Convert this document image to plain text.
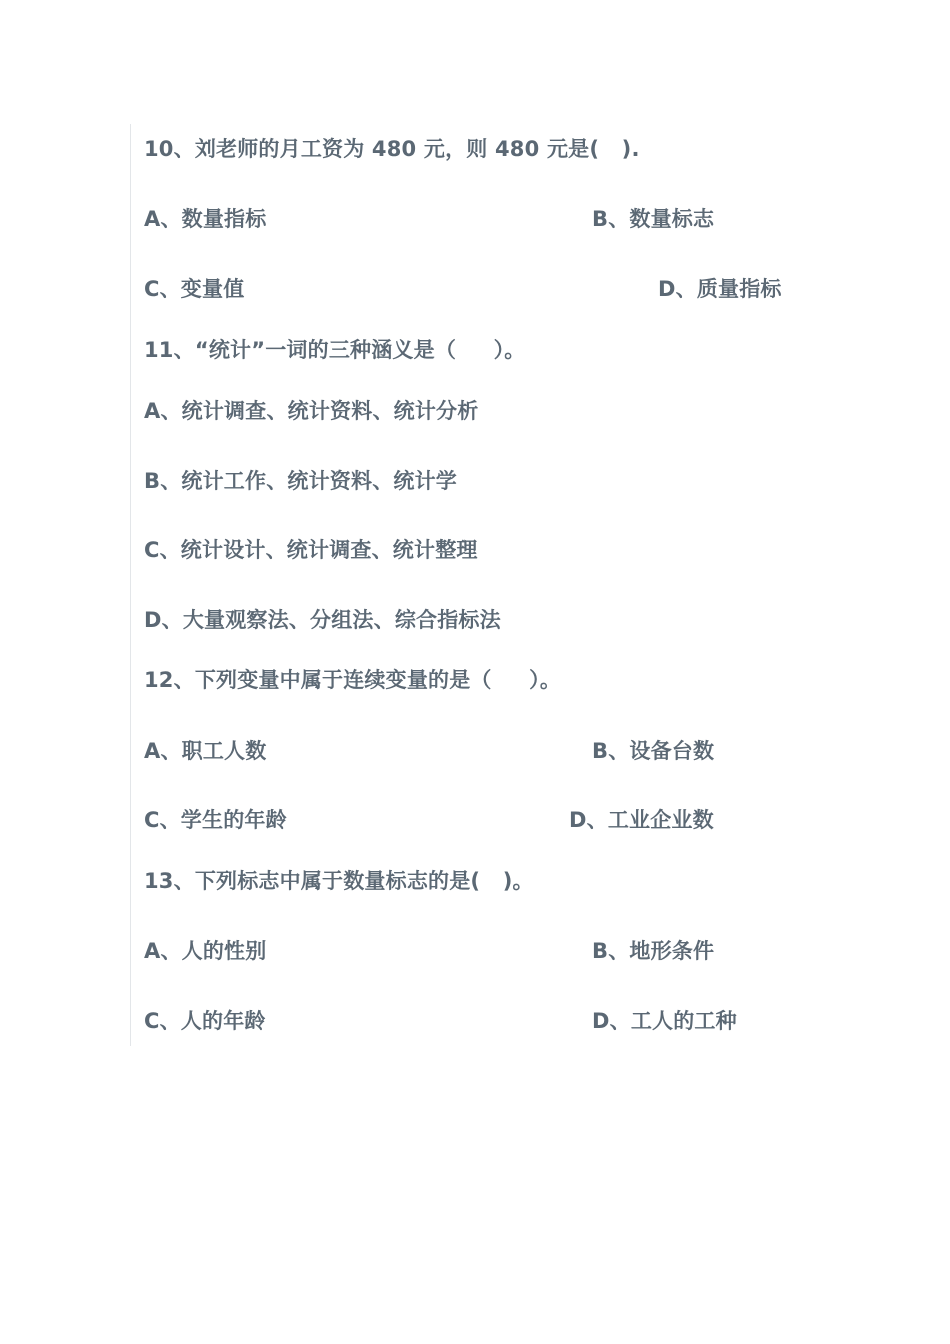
10、刘老师的月工资为 480 元，则 480 元是(   ).
A、数量指标	B、数量标志
C、变量值	D、质量指标
11、“统计”一词的三种涵义是（     ）。
A、统计调查、统计资料、统计分析
B、统计工作、统计资料、统计学
C、统计设计、统计调查、统计整理
D、大量观察法、分组法、综合指标法
12、下列变量中属于连续变量的是（     ）。
A、职工人数	B、设备台数
C、学生的年龄	D、工业企业数
13、下列标志中属于数量标志的是(   )。
A、人的性别	B、地形条件
C、人的年龄	D、工人的工种
